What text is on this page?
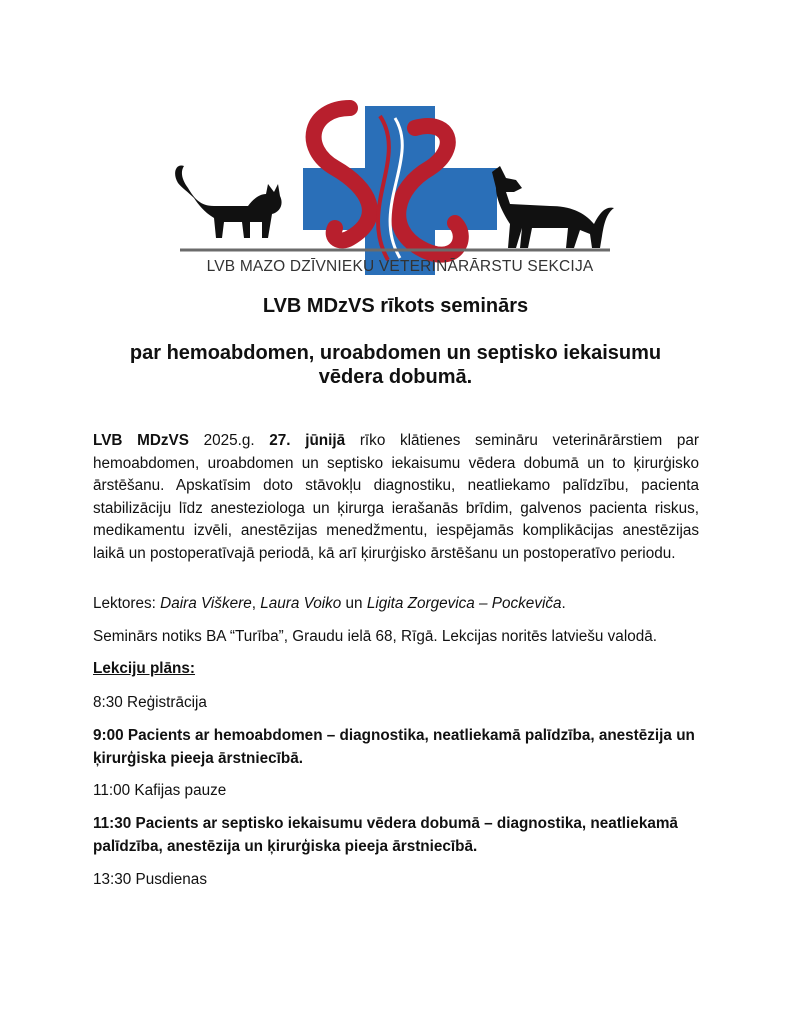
LVB MAZO DZĪVNIEKU VETERINĀRĀRSTU SEKCIJA
LVB MDzVS rīkots seminārs
par hemoabdomen, uroabdomen un septisko iekaisumu
vēdera dobumā.
LVB MDzVS 2025.g. 27. jūnijā rīko klātienes semināru veterinārārstiem par hemoabdomen, uroabdomen un septisko iekaisumu vēdera dobumā un to ķirurģisko ārstēšanu. Apskatīsim doto stāvokļu diagnostiku, neatliekamo palīdzību, pacienta stabilizāciju līdz anesteziologa un ķirurga ierašanās brīdim, galvenos pacienta riskus, medikamentu izvēli, anestēzijas menedžmentu, iespējamās komplikācijas anestēzijas laikā un postoperatīvajā periodā, kā arī ķirurģisko ārstēšanu un postoperatīvo periodu.
Lektores: Daira Viškere, Laura Voiko un Ligita Zorgevica – Pockeviča.
Seminārs notiks BA “Turība”, Graudu ielā 68, Rīgā. Lekcijas noritēs latviešu valodā.
Lekciju plāns:
8:30 Reģistrācija
9:00 Pacients ar hemoabdomen – diagnostika, neatliekamā palīdzība, anestēzija un ķirurģiska pieeja ārstniecībā.
11:00 Kafijas pauze
11:30 Pacients ar septisko iekaisumu vēdera dobumā – diagnostika, neatliekamā palīdzība, anestēzija un ķirurģiska pieeja ārstniecībā.
13:30 Pusdienas
